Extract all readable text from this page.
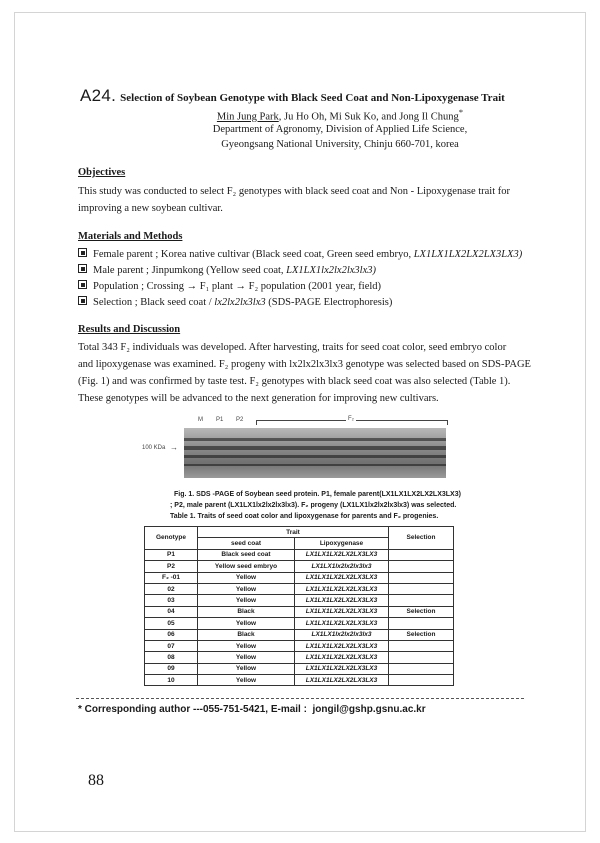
A24. Selection of Soybean Genotype with Black Seed Coat and Non-Lipoxygenase Trait
Min Jung Park, Ju Ho Oh, Mi Suk Ko, and Jong Il Chung*
Department of Agronomy, Division of Applied Life Science,
Gyeongsang National University, Chinju 660-701, korea
Objectives
This study was conducted to select F₂ genotypes with black seed coat and Non - Lipoxygenase trait for
improving a new soybean cultivar.
Materials and Methods
Female parent ; Korea native cultivar (Black seed coat, Green seed embryo, LX1LX1LX2LX2LX3LX3)
Male parent ; Jinpumkong (Yellow seed coat, LX1LX1lx2lx2lx3lx3)
Population ; Crossing → F₁ plant → F₂ population (2001 year, field)
Selection ; Black seed coat / lx2lx2lx3lx3 (SDS-PAGE Electrophoresis)
Results and Discussion
Total 343 F₂ individuals was developed. After harvesting, traits for seed coat color, seed embryo color
and lipoxygenase was examined. F₂ progeny with lx2lx2lx3lx3 genotype was selected based on SDS-PAGE
(Fig. 1) and was confirmed by taste test. F₂ genotypes with black seed coat was also selected (Table 1).
These genotypes will be advanced to the next generation for improving new cultivars.
M P1 P2	F₂
100 KDa →
Fig. 1. SDS -PAGE of Soybean seed protein. P1, female parent(LX1LX1LX2LX2LX3LX3)
; P2, male parent (LX1LX1lx2lx2lx3lx3). F₂ progeny (LX1LX1lx2lx2lx3lx3) was selected.
Table 1. Traits of seed coat color and lipoxygenase for parents and F₂ progenies.
Genotype	Trait		Selection
	seed coat	Lipoxygenase	
P1	Black seed coat	LX1LX1LX2LX2LX3LX3	
P2	Yellow seed embryo	LX1LX1lx2lx2lx3lx3	
F₂ -01	Yellow	LX1LX1LX2LX2LX3LX3	
02	Yellow	LX1LX1LX2LX2LX3LX3	
03	Yellow	LX1LX1LX2LX2LX3LX3	
04	Black	LX1LX1LX2LX2LX3LX3	Selection
05	Yellow	LX1LX1LX2LX2LX3LX3	
06	Black	LX1LX1lx2lx2lx3lx3	Selection
07	Yellow	LX1LX1LX2LX2LX3LX3	
08	Yellow	LX1LX1LX2LX2LX3LX3	
09	Yellow	LX1LX1LX2LX2LX3LX3	
10	Yellow	LX1LX1LX2LX2LX3LX3	
* Corresponding author ---055-751-5421, E-mail : jongil@gshp.gsnu.ac.kr
88
